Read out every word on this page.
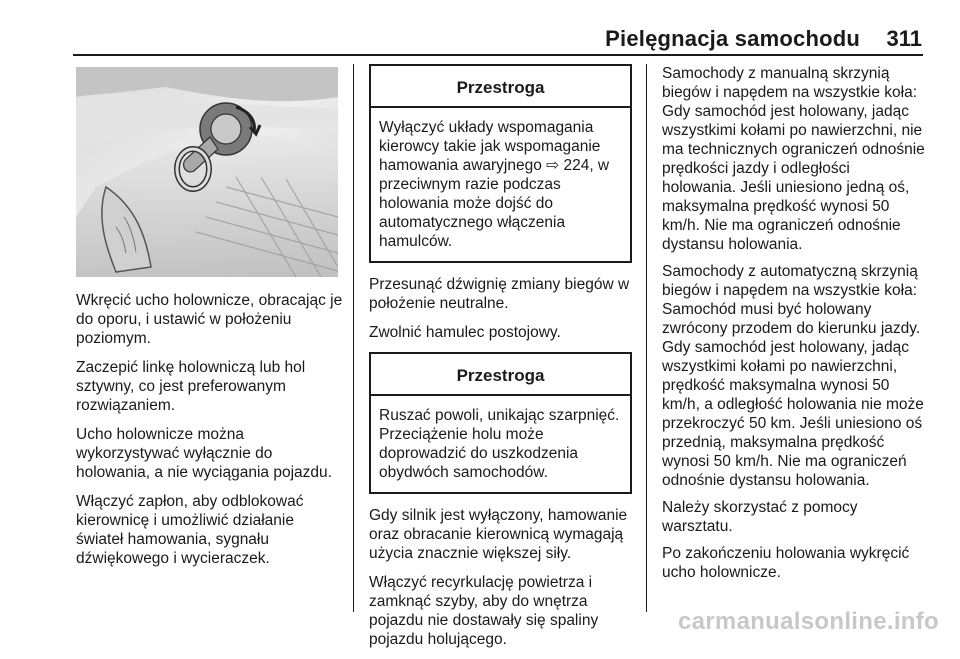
Pielęgnacja samochodu 311

Wkręcić ucho holownicze, obracając je do oporu, i ustawić w położeniu poziomym.

Zaczepić linkę holowniczą lub hol sztywny, co jest preferowanym rozwiązaniem.

Ucho holownicze można wykorzystywać wyłącznie do holowania, a nie wyciągania pojazdu.

Włączyć zapłon, aby odblokować kierownicę i umożliwić działanie świateł hamowania, sygnału dźwiękowego i wycieraczek.

Przestroga
Wyłączyć układy wspomagania kierowcy takie jak wspomaganie hamowania awaryjnego ⇨ 224, w przeciwnym razie podczas holowania może dojść do automatycznego włączenia hamulców.

Przesunąć dźwignię zmiany biegów w położenie neutralne.

Zwolnić hamulec postojowy.

Przestroga
Ruszać powoli, unikając szarpnięć. Przeciążenie holu może doprowadzić do uszkodzenia obydwóch samochodów.

Gdy silnik jest wyłączony, hamowanie oraz obracanie kierownicą wymagają użycia znacznie większej siły.

Włączyć recyrkulację powietrza i zamknąć szyby, aby do wnętrza pojazdu nie dostawały się spaliny pojazdu holującego.

Samochody z manualną skrzynią biegów i napędem na wszystkie koła: Gdy samochód jest holowany, jadąc wszystkimi kołami po nawierzchni, nie ma technicznych ograniczeń odnośnie prędkości jazdy i odległości holowania. Jeśli uniesiono jedną oś, maksymalna prędkość wynosi 50 km/h. Nie ma ograniczeń odnośnie dystansu holowania.

Samochody z automatyczną skrzynią biegów i napędem na wszystkie koła: Samochód musi być holowany zwrócony przodem do kierunku jazdy. Gdy samochód jest holowany, jadąc wszystkimi kołami po nawierzchni, prędkość maksymalna wynosi 50 km/h, a odległość holowania nie może przekroczyć 50 km. Jeśli uniesiono oś przednią, maksymalna prędkość wynosi 50 km/h. Nie ma ograniczeń odnośnie dystansu holowania.

Należy skorzystać z pomocy warsztatu.

Po zakończeniu holowania wykręcić ucho holownicze.

carmanualsonline.info
